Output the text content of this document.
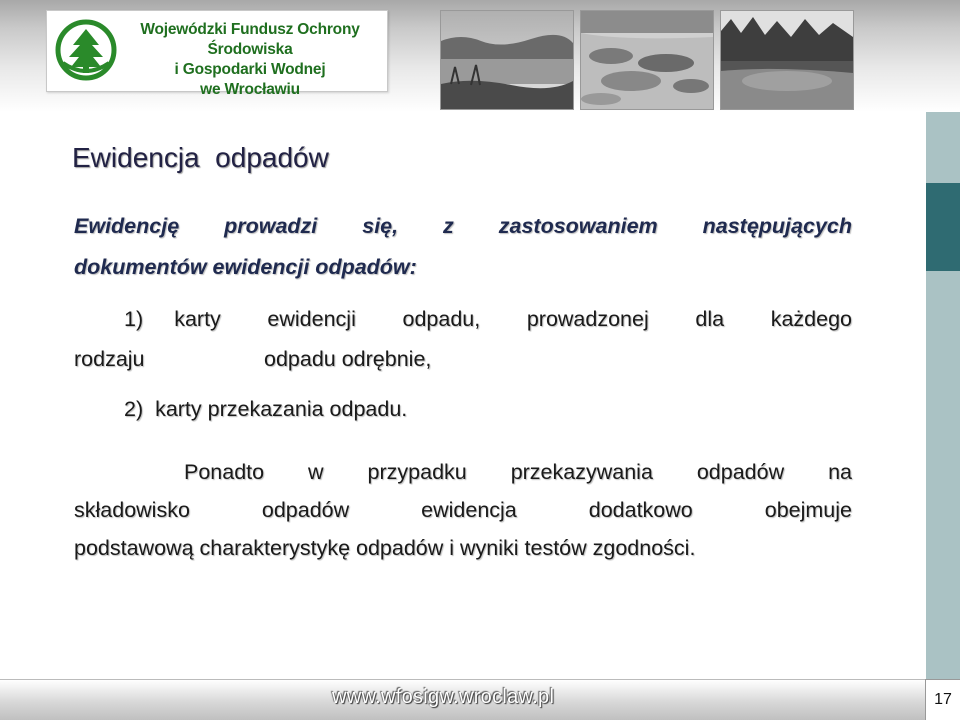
Wojewódzki Fundusz Ochrony Środowiska
i Gospodarki Wodnej
we Wrocławiu
Ewidencja  odpadów
Ewidencję  prowadzi  się,  z  zastosowaniem  następujących
dokumentów ewidencji odpadów:
1)  karty   ewidencji   odpadu,   prowadzonej   dla   każdego
rodzaju	odpadu odrębnie,
2)  karty przekazania odpadu.
Ponadto  w  przypadku  przekazywania  odpadów  na
składowisko   odpadów   ewidencja   dodatkowo   obejmuje
podstawową charakterystykę odpadów i wyniki testów zgodności.
www.wfosigw.wroclaw.pl	17
